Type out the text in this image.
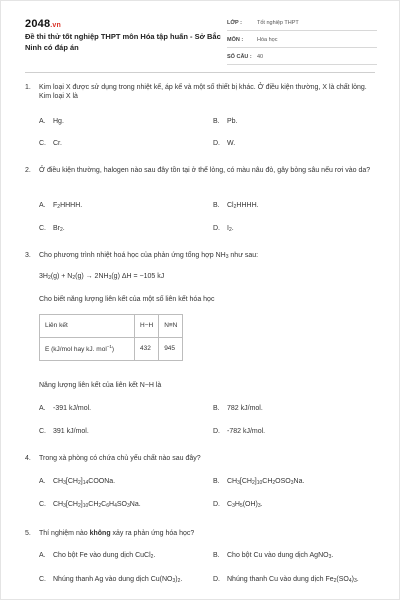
2048.vn
Đề thi thử tốt nghiệp THPT môn Hóa tập huấn - Sở Bắc Ninh có đáp án
LỚP :	Tốt nghiệp THPT
MÔN :	Hóa học
SỐ CÂU : 40
1.	Kim loại X được sử dụng trong nhiệt kế, áp kế và một số thiết bị khác. Ở điều kiện thường, X là chất lỏng. Kim loại X là
A. Hg.	B. Pb.
C. Cr.	D. W.
2.	Ở điều kiện thường, halogen nào sau đây tồn tại ở thể lỏng, có màu nâu đỏ, gây bỏng sâu nếu rơi vào da?
A. $F_2HHHH$.	B. $Cl_2HHHH$.
C. $Br_2$.	D. $I_2$.
3.	Cho phương trình nhiệt hoá học của phản ứng tổng hợp $NH_3$ như sau:
$3H_2(g) + N_2(g) \to 2NH_3(g) \Delta H = -105$ kJ
Cho biết năng lượng liên kết của một số liên kết hóa học
Liên kết	H−H	N≡N
E (kJ/mol hay kJ. mol$^{-1}$)	432	945
Năng lượng liên kết của liên kết N−H là
A. -391 kJ/mol.	B. 782 kJ/mol.
C. 391 kJ/mol.	D. -782 kJ/mol.
4.	Trong xà phòng có chứa chủ yếu chất nào sau đây?
A. $CH_3[CH_2]_{14}COONa$.	B. $CH_3[CH_2]_{10}CH_2OSO_3Na$.
C. $CH_3[CH_2]_{10}CH_2C_6H_4SO_3Na$.	D. $C_3H_5(OH)_3$.
5.	Thí nghiệm nào không xảy ra phản ứng hóa học?
A. Cho bột Fe vào dung dịch CuCl$_2$.	B. Cho bột Cu vào dung dịch AgNO$_3$.
C. Nhúng thanh Ag vào dung dịch $Cu(NO_3)_2$.	D. Nhúng thanh Cu vào dung dịch $Fe_2(SO_4)_3$.
